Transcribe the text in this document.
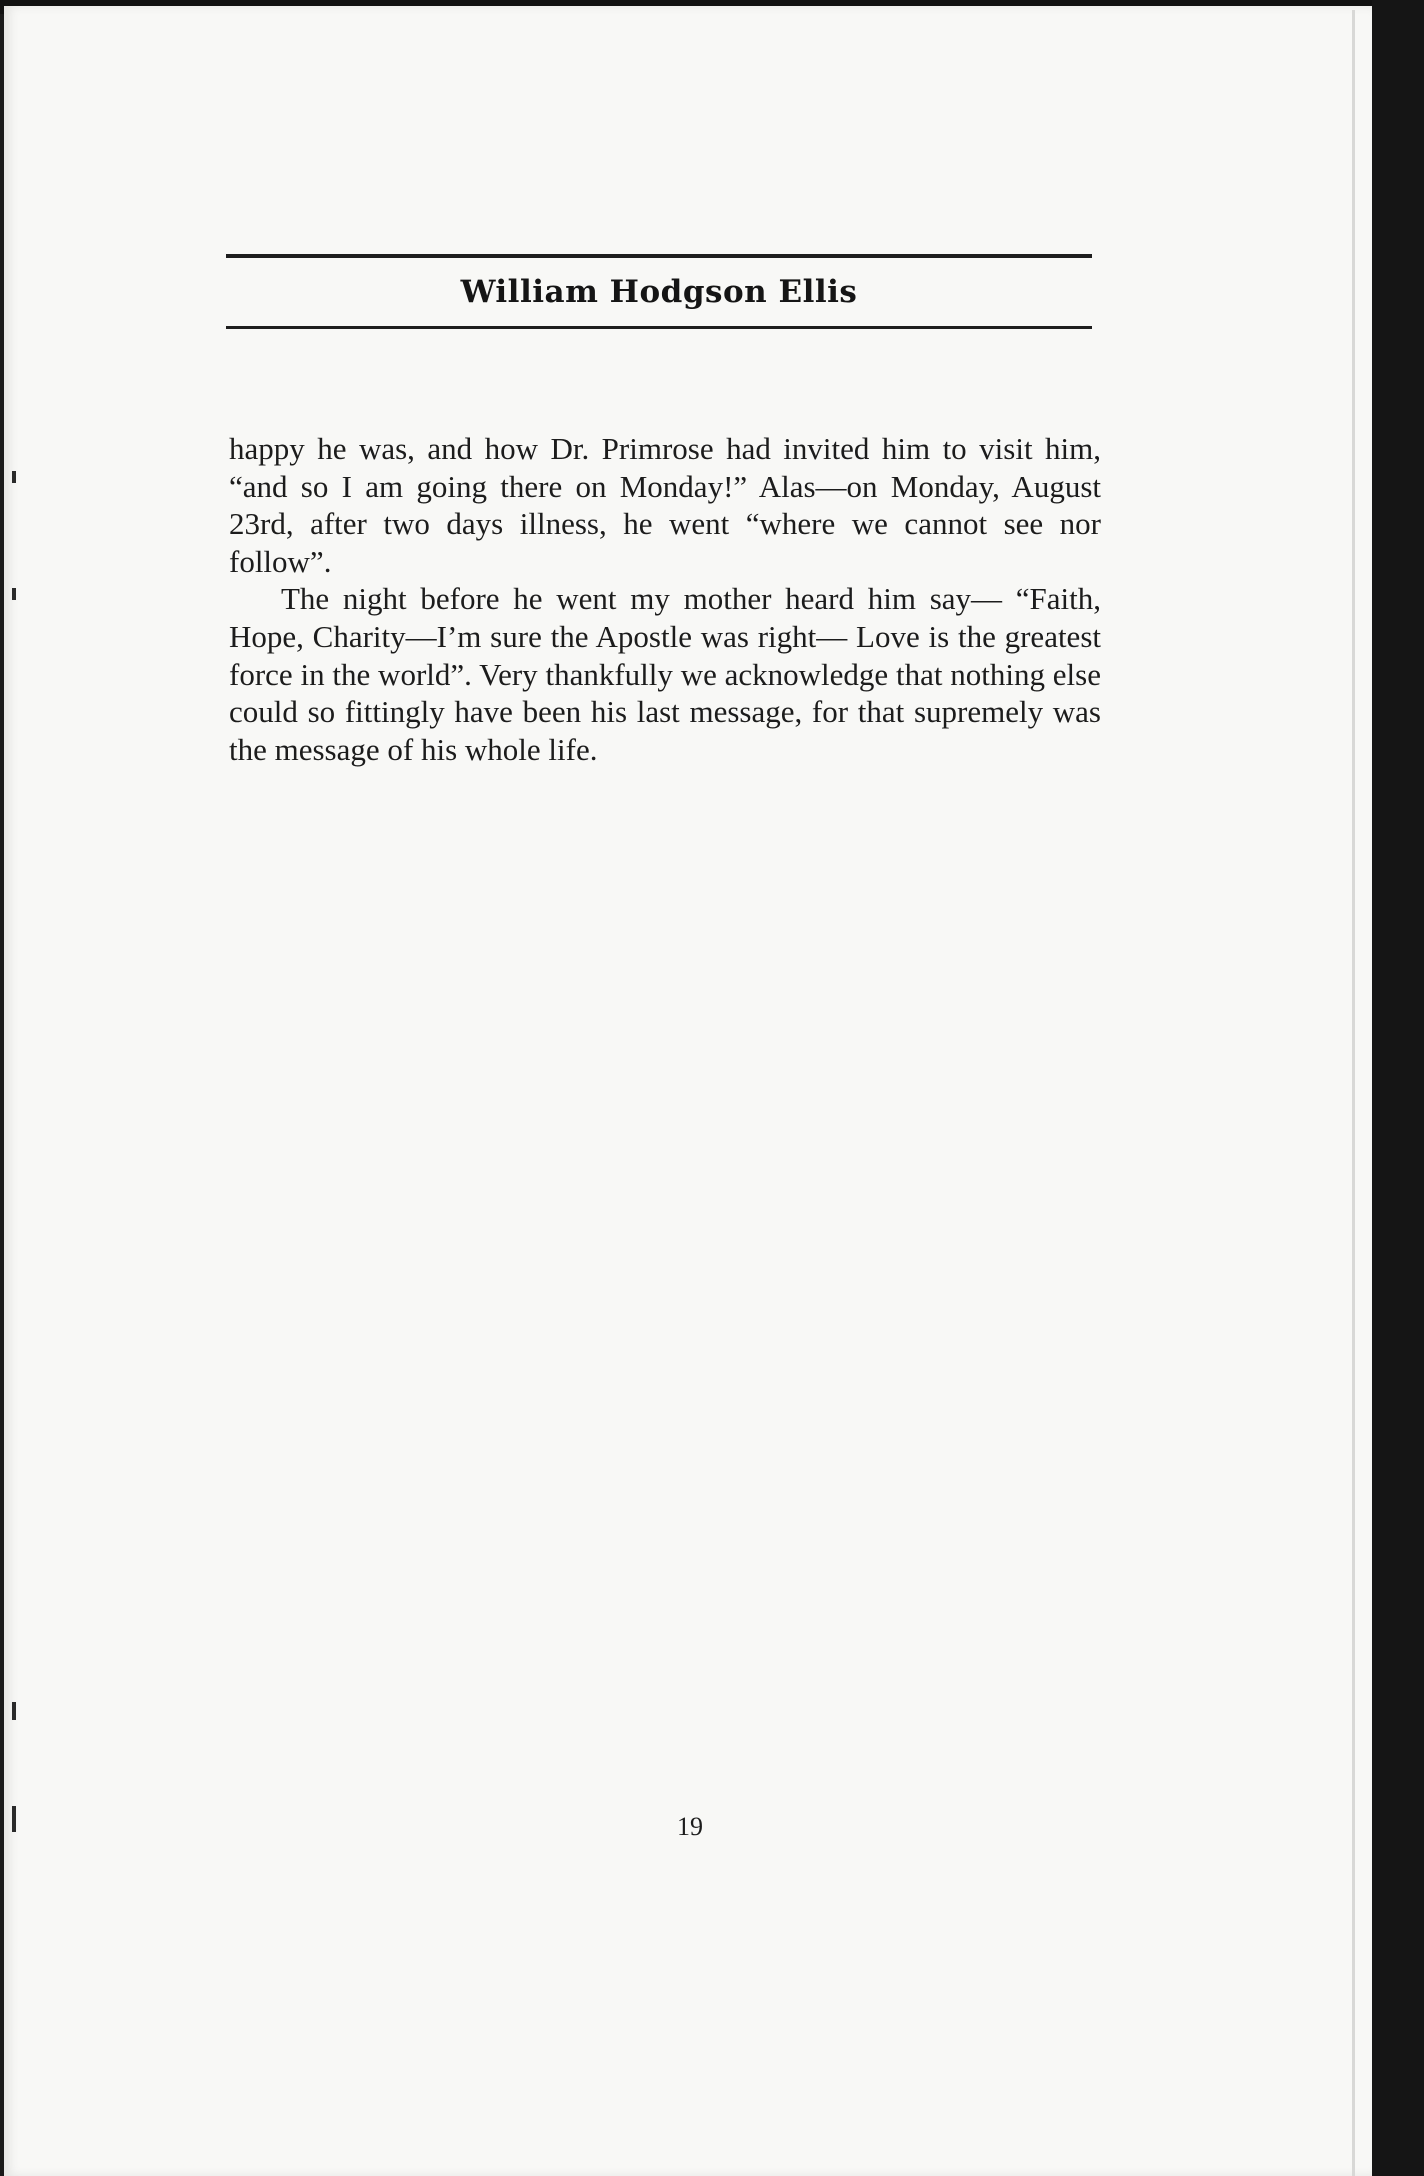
William Hodgson Ellis

happy he was, and how Dr. Primrose had invited him to visit him, “and so I am going there on Monday!” Alas—on Monday, August 23rd, after two days illness, he went “where we cannot see nor follow”.

The night before he went my mother heard him say— “Faith, Hope, Charity—I’m sure the Apostle was right— Love is the greatest force in the world”. Very thankfully we acknowledge that nothing else could so fittingly have been his last message, for that supremely was the message of his whole life.

19
